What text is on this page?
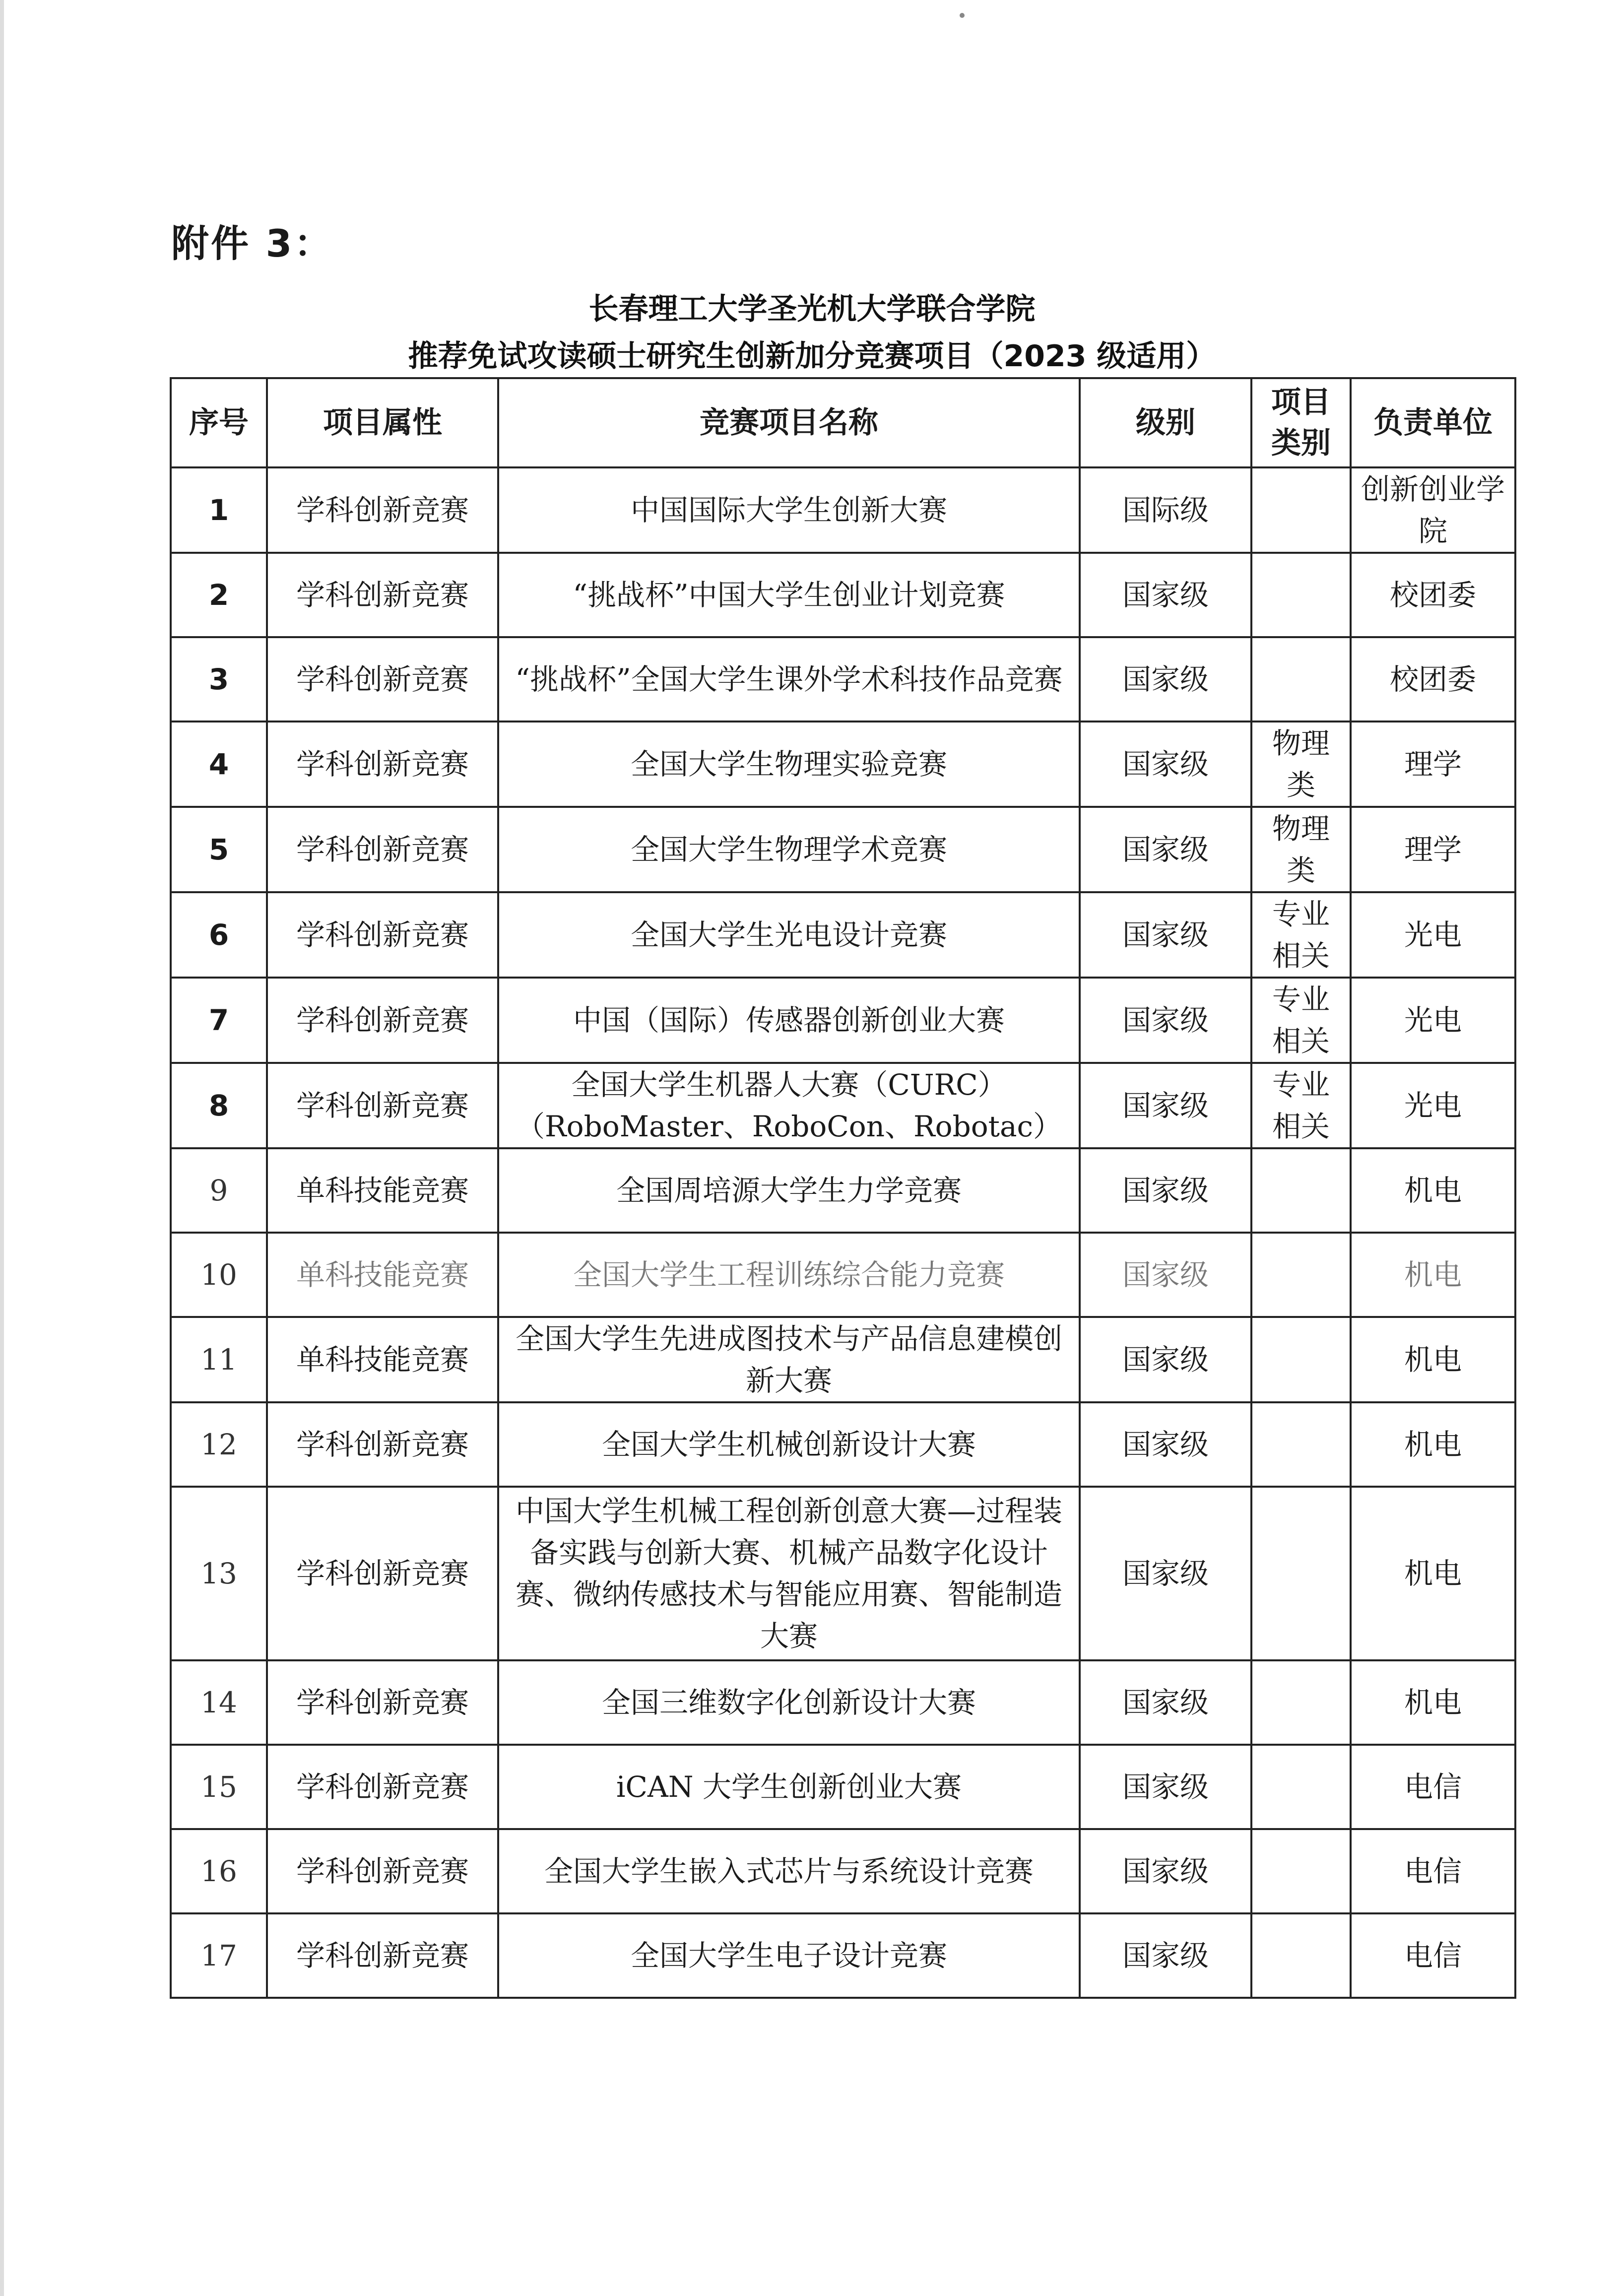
附件 3：
长春理工大学圣光机大学联合学院
推荐免试攻读硕士研究生创新加分竞赛项目（2023 级适用）
序号	项目属性	竞赛项目名称	级别	项目类别	负责单位
1	学科创新竞赛	中国国际大学生创新大赛	国际级		创新创业学院
2	学科创新竞赛	“挑战杯”中国大学生创业计划竞赛	国家级		校团委
3	学科创新竞赛	“挑战杯”全国大学生课外学术科技作品竞赛	国家级		校团委
4	学科创新竞赛	全国大学生物理实验竞赛	国家级	物理类	理学
5	学科创新竞赛	全国大学生物理学术竞赛	国家级	物理类	理学
6	学科创新竞赛	全国大学生光电设计竞赛	国家级	专业相关	光电
7	学科创新竞赛	中国（国际）传感器创新创业大赛	国家级	专业相关	光电
8	学科创新竞赛	全国大学生机器人大赛（CURC）（RoboMaster、RoboCon、Robotac）	国家级	专业相关	光电
9	单科技能竞赛	全国周培源大学生力学竞赛	国家级		机电
10	单科技能竞赛	全国大学生工程训练综合能力竞赛	国家级		机电
11	单科技能竞赛	全国大学生先进成图技术与产品信息建模创新大赛	国家级		机电
12	学科创新竞赛	全国大学生机械创新设计大赛	国家级		机电
13	学科创新竞赛	中国大学生机械工程创新创意大赛—过程装备实践与创新大赛、机械产品数字化设计赛、微纳传感技术与智能应用赛、智能制造大赛	国家级		机电
14	学科创新竞赛	全国三维数字化创新设计大赛	国家级		机电
15	学科创新竞赛	iCAN 大学生创新创业大赛	国家级		电信
16	学科创新竞赛	全国大学生嵌入式芯片与系统设计竞赛	国家级		电信
17	学科创新竞赛	全国大学生电子设计竞赛	国家级		电信
